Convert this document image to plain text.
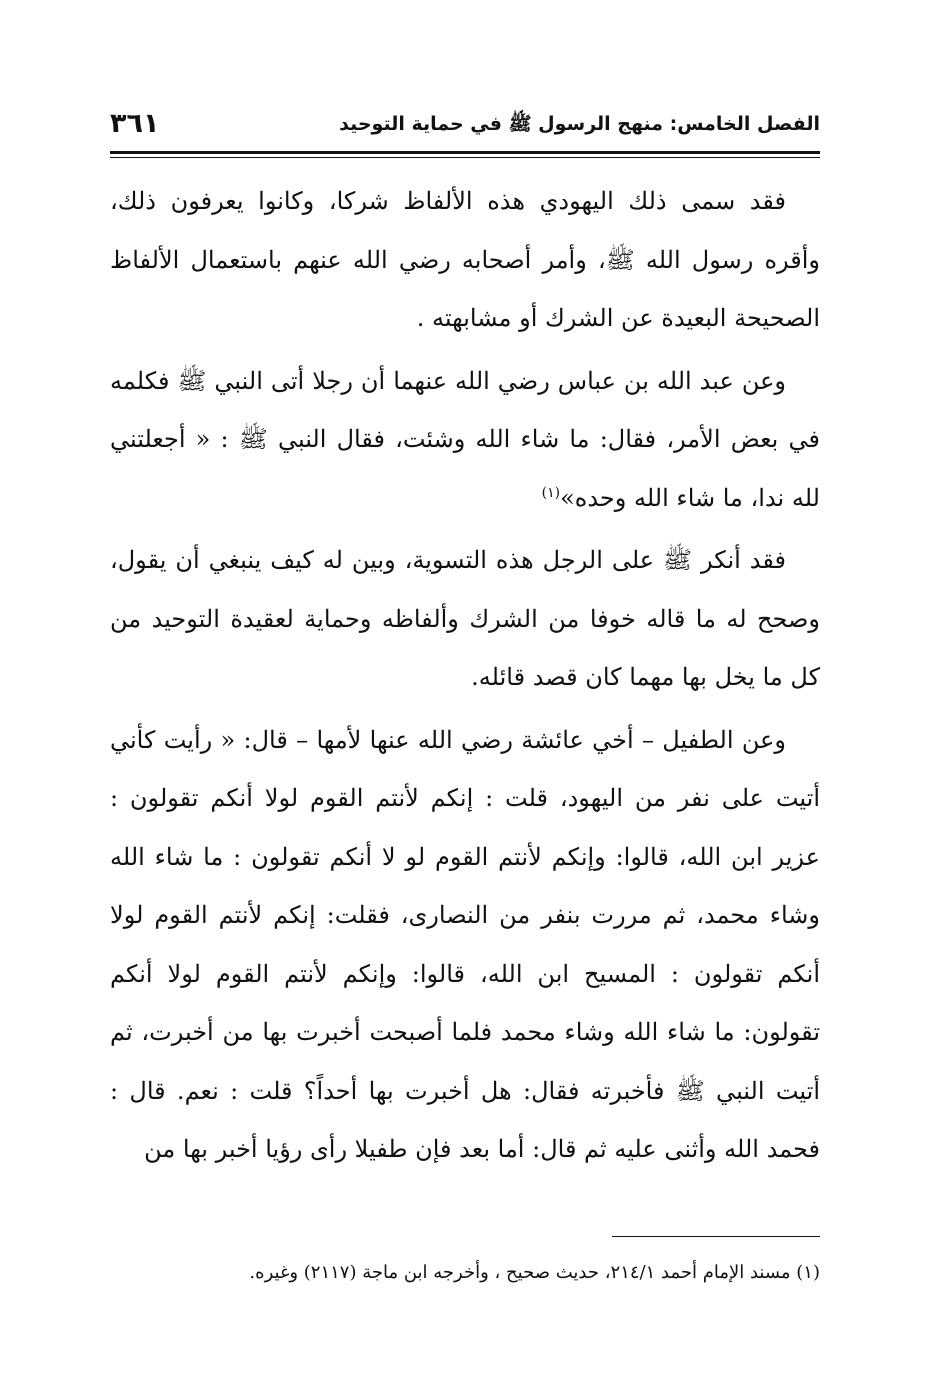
٣٦١	الفصل الخامس: منهج الرسول ﷺ في حماية التوحيد

فقد سمى ذلك اليهودي هذه الألفاظ شركا، وكانوا يعرفون ذلك، وأقره رسول الله ﷺ، وأمر أصحابه رضي الله عنهم باستعمال الألفاظ الصحيحة البعيدة عن الشرك أو مشابهته .

وعن عبد الله بن عباس رضي الله عنهما أن رجلا أتى النبي ﷺ فكلمه في بعض الأمر، فقال: ما شاء الله وشئت، فقال النبي ﷺ : « أجعلتني لله ندا، ما شاء الله وحده»$^{(١)}$

فقد أنكر ﷺ على الرجل هذه التسوية، وبين له كيف ينبغي أن يقول، وصحح له ما قاله خوفا من الشرك وألفاظه وحماية لعقيدة التوحيد من كل ما يخل بها مهما كان قصد قائله.

وعن الطفيل – أخي عائشة رضي الله عنها لأمها – قال: « رأيت كأني أتيت على نفر من اليهود، قلت : إنكم لأنتم القوم لولا أنكم تقولون : عزير ابن الله، قالوا: وإنكم لأنتم القوم لو لا أنكم تقولون : ما شاء الله وشاء محمد، ثم مررت بنفر من النصارى، فقلت: إنكم لأنتم القوم لولا أنكم تقولون : المسيح ابن الله، قالوا: وإنكم لأنتم القوم لولا أنكم تقولون: ما شاء الله وشاء محمد فلما أصبحت أخبرت بها من أخبرت، ثم أتيت النبي ﷺ فأخبرته فقال: هل أخبرت بها أحداً؟ قلت : نعم. قال : فحمد الله وأثنى عليه ثم قال: أما بعد فإن طفيلا رأى رؤيا أخبر بها من

(١) مسند الإمام أحمد ٢١٤/١، حديث صحيح ، وأخرجه ابن ماجة (٢١١٧) وغيره.
